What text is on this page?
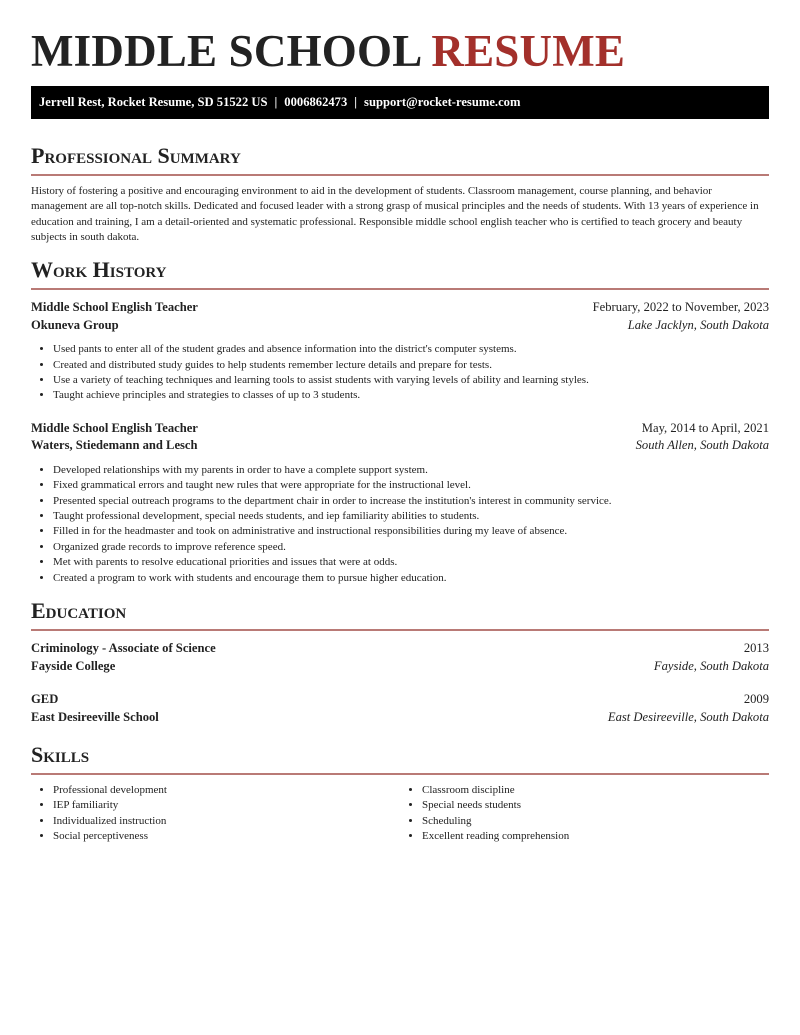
MIDDLE SCHOOL RESUME
Jerrell Rest, Rocket Resume, SD 51522 US | 0006862473 | support@rocket-resume.com
Professional Summary
History of fostering a positive and encouraging environment to aid in the development of students. Classroom management, course planning, and behavior management are all top-notch skills. Dedicated and focused leader with a strong grasp of musical principles and the needs of students. With 13 years of experience in education and training, I am a detail-oriented and systematic professional. Responsible middle school english teacher who is certified to teach grocery and beauty subjects in south dakota.
Work History
Middle School English Teacher	February, 2022 to November, 2023
Okuneva Group	Lake Jacklyn, South Dakota
• Used pants to enter all of the student grades and absence information into the district's computer systems.
• Created and distributed study guides to help students remember lecture details and prepare for tests.
• Use a variety of teaching techniques and learning tools to assist students with varying levels of ability and learning styles.
• Taught achieve principles and strategies to classes of up to 3 students.
Middle School English Teacher	May, 2014 to April, 2021
Waters, Stiedemann and Lesch	South Allen, South Dakota
• Developed relationships with my parents in order to have a complete support system.
• Fixed grammatical errors and taught new rules that were appropriate for the instructional level.
• Presented special outreach programs to the department chair in order to increase the institution's interest in community service.
• Taught professional development, special needs students, and iep familiarity abilities to students.
• Filled in for the headmaster and took on administrative and instructional responsibilities during my leave of absence.
• Organized grade records to improve reference speed.
• Met with parents to resolve educational priorities and issues that were at odds.
• Created a program to work with students and encourage them to pursue higher education.
Education
Criminology - Associate of Science	2013
Fayside College	Fayside, South Dakota
GED	2009
East Desireeville School	East Desireeville, South Dakota
Skills
• Professional development
• IEP familiarity
• Individualized instruction
• Social perceptiveness
• Classroom discipline
• Special needs students
• Scheduling
• Excellent reading comprehension
